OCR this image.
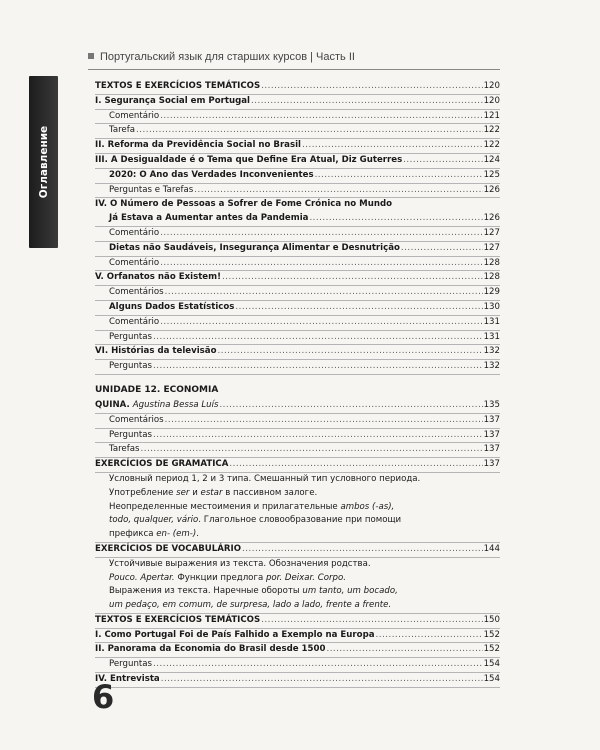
Португальский язык для старших курсов | Часть II
Оглавление
TEXTOS E EXERCÍCIOS TEMÁTICOS .....	120
I. Segurança Social em Portugal .....	120
Comentário .....	121
Tarefa .....	122
II. Reforma da Previdência Social no Brasil .....	122
III. A Desigualdade é o Tema que Define Era Atual, Diz Guterres .....	124
2020: O Ano das Verdades Inconvenientes .....	125
Perguntas e Tarefas .....	126
IV. O Número de Pessoas a Sofrer de Fome Crónica no Mundo
Já Estava a Aumentar antes da Pandemia .....	126
Comentário .....	127
Dietas não Saudáveis, Insegurança Alimentar e Desnutrição .....	127
Comentário .....	128
V. Orfanatos não Existem! .....	128
Comentários .....	129
Alguns Dados Estatísticos .....	130
Comentário .....	131
Perguntas .....	131
VI. Histórias da televisão .....	132
Perguntas .....	132
UNIDADE 12. ECONOMIA
QUINA. Agustina Bessa Luís .....	135
Comentários .....	137
Perguntas .....	137
Tarefas .....	137
EXERCÍCIOS DE GRAMATICA .....	137
Условный период 1, 2 и 3 типа. Смешанный тип условного периода.
Употребление ser и estar в пассивном залоге.
Неопределенные местоимения и прилагательные ambos (-as),
todo, qualquer, vário. Глагольное словообразование при помощи
префикса en- (em-).
EXERCÍCIOS DE VOCABULÁRIO .....	144
Устойчивые выражения из текста. Обозначения родства.
Pouco. Apertar. Функции предлога por. Deixar. Corpo.
Выражения из текста. Наречные обороты um tanto, um bocado,
um pedaço, em comum, de surpresa, lado a lado, frente a frente.
TEXTOS E EXERCÍCIOS TEMÁTICOS .....	150
I. Como Portugal Foi de País Falhido a Exemplo na Europa .....	152
II. Panorama da Economia do Brasil desde 1500 .....	152
Perguntas .....	154
IV. Entrevista .....	154
6
